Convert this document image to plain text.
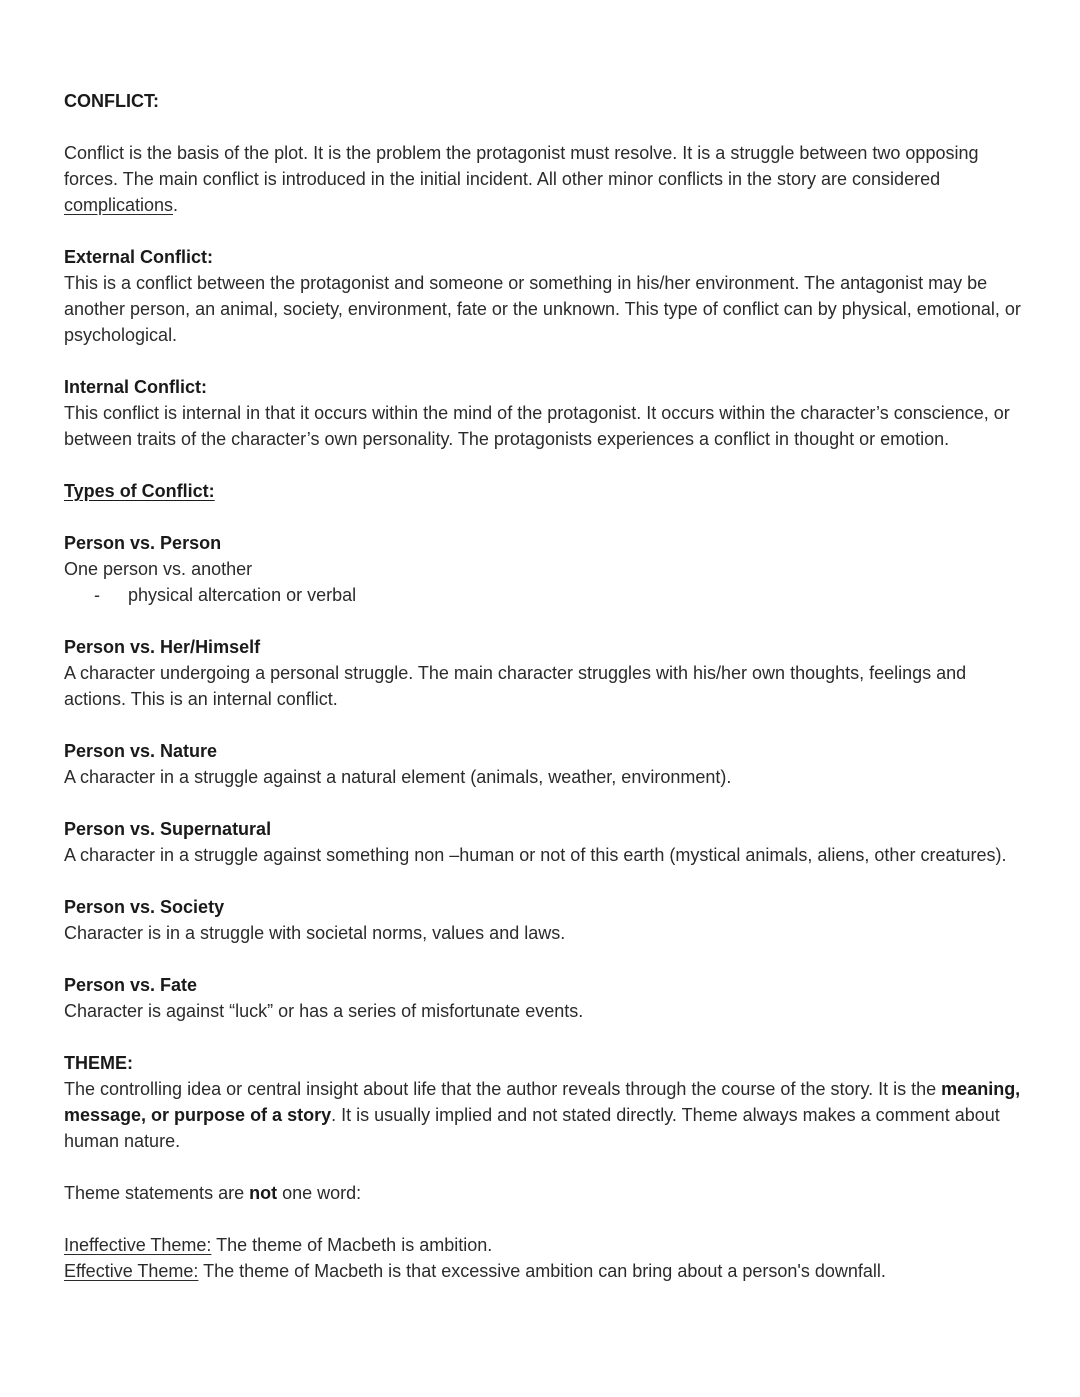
CONFLICT:

Conflict is the basis of the plot. It is the problem the protagonist must resolve. It is a struggle between two opposing forces. The main conflict is introduced in the initial incident. All other minor conflicts in the story are considered complications.

External Conflict:

This is a conflict between the protagonist and someone or something in his/her environment. The antagonist may be another person, an animal, society, environment, fate or the unknown. This type of conflict can by physical, emotional, or psychological.

Internal Conflict:

This conflict is internal in that it occurs within the mind of the protagonist. It occurs within the character’s conscience, or between traits of the character’s own personality. The protagonists experiences a conflict in thought or emotion.

Types of Conflict:

Person vs. Person

One person vs. another

-	physical altercation or verbal

Person vs. Her/Himself

A character undergoing a personal struggle. The main character struggles with his/her own thoughts, feelings and actions. This is an internal conflict.

Person vs. Nature

A character in a struggle against a natural element (animals, weather, environment).

Person vs. Supernatural

A character in a struggle against something non –human or not of this earth (mystical animals, aliens, other creatures).

Person vs. Society

Character is in a struggle with societal norms, values and laws.

Person vs. Fate

Character is against “luck” or has a series of misfortunate events.

THEME:

The controlling idea or central insight about life that the author reveals through the course of the story. It is the meaning, message, or purpose of a story. It is usually implied and not stated directly. Theme always makes a comment about human nature.

Theme statements are not one word:

Ineffective Theme: The theme of Macbeth is ambition.

Effective Theme: The theme of Macbeth is that excessive ambition can bring about a person's downfall.
